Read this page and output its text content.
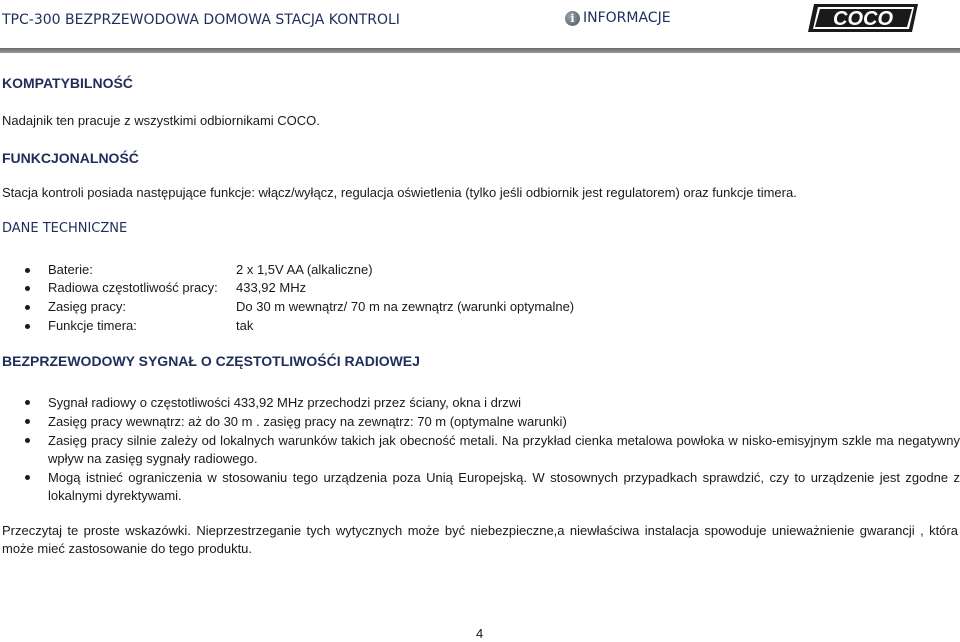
TPC-300 BEZPRZEWODOWA DOMOWA STACJA KONTROLI	i INFORMACJE	COCO
KOMPATYBILNOŚĆ

Nadajnik ten pracuje z wszystkimi odbiornikami COCO.

FUNKCJONALNOŚĆ

Stacja kontroli posiada następujące funkcje: włącz/wyłącz, regulacja oświetlenia (tylko jeśli odbiornik jest regulatorem) oraz funkcje timera.

DANE TECHNICZNE
Baterie:	2 x 1,5V AA (alkaliczne)
Radiowa częstotliwość pracy: 433,92 MHz
Zasięg pracy:	Do 30 m wewnątrz/ 70 m na zewnątrz (warunki optymalne)
Funkcje timera:	tak
BEZPRZEWODOWY SYGNAŁ O CZĘSTOTLIWOŚĆI RADIOWEJ
Sygnał radiowy o częstotliwości 433,92 MHz przechodzi przez ściany, okna i drzwi
Zasięg pracy wewnątrz: aż do 30 m . zasięg pracy na zewnątrz: 70 m (optymalne warunki)
Zasięg pracy silnie zależy od lokalnych warunków takich jak obecność metali. Na przykład cienka metalowa powłoka w nisko-emisyjnym szkle ma negatywny wpływ na zasięg sygnały radiowego.
Mogą istnieć ograniczenia w stosowaniu tego urządzenia poza Unią Europejską. W stosownych przypadkach sprawdzić, czy to urządzenie jest zgodne z lokalnymi dyrektywami.

Przeczytaj te proste wskazówki. Nieprzestrzeganie tych wytycznych może być niebezpieczne,a niewłaściwa instalacja spowoduje unieważnienie gwarancji , która może mieć zastosowanie do tego produktu.

4
